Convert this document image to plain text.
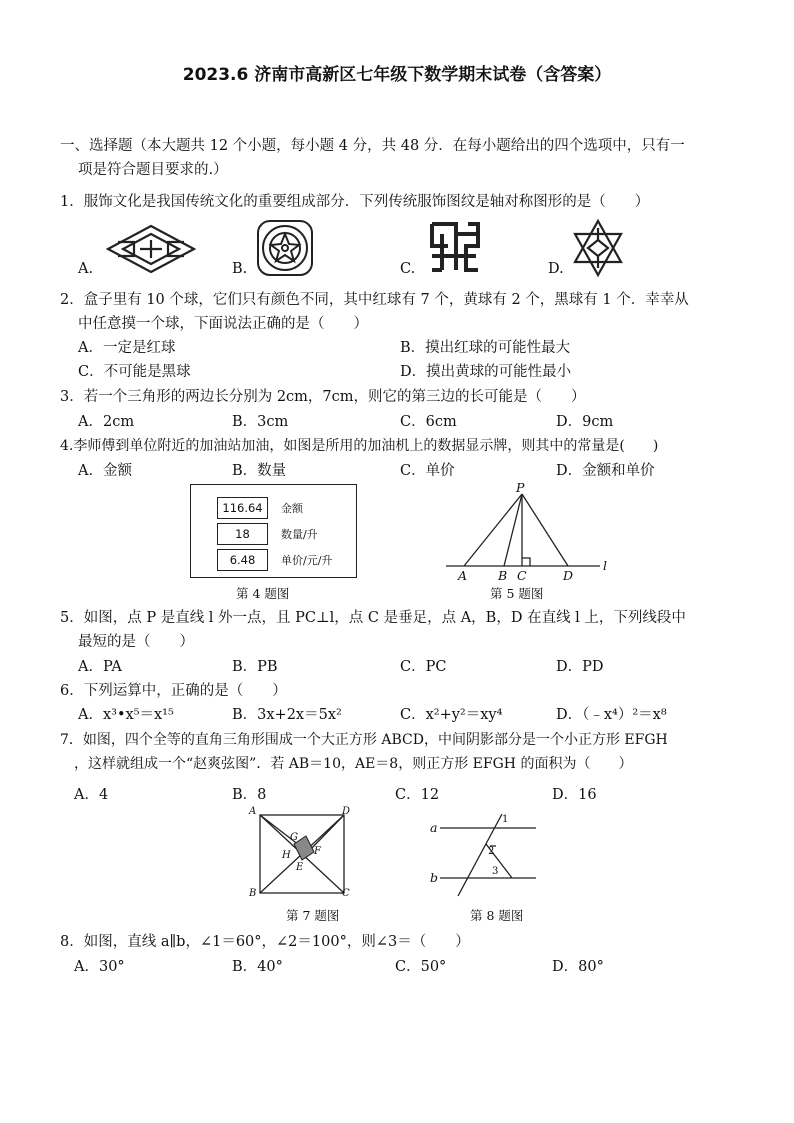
2023.6 济南市高新区七年级下数学期末试卷（含答案）
一、选择题（本大题共 12 个小题，每小题 4 分，共 48 分．在每小题给出的四个选项中，只有一
项是符合题目要求的.）
1．服饰文化是我国传统文化的重要组成部分．下列传统服饰图纹是轴对称图形的是（　　）
A.	B.	C.	D.
2．盒子里有 10 个球，它们只有颜色不同，其中红球有 7 个，黄球有 2 个，黑球有 1 个．幸幸从
中任意摸一个球，下面说法正确的是（　　）
A．一定是红球	B．摸出红球的可能性最大
C．不可能是黑球	D．摸出黄球的可能性最小
3．若一个三角形的两边长分别为 2cm，7cm，则它的第三边的长可能是（　　）
A．2cm	B．3cm	C．6cm	D．9cm
4.李师傅到单位附近的加油站加油，如图是所用的加油机上的数据显示牌，则其中的常量是(　　)
A．金额	B．数量	C．单价	D．金额和单价
116.64	金额
18	数量/升
6.48	单价/元/升
第 4 题图
P
A B C	D
l
第 5 题图
5．如图，点 P 是直线 l 外一点，且 PC⊥l，点 C 是垂足，点 A，B，D 在直线 l 上，下列线段中
最短的是（　　）
A．PA	B．PB	C．PC	D．PD
6．下列运算中，正确的是（　　）
A．x³•x⁵＝x¹⁵	B．3x+2x＝5x²	C．x²+y²＝xy⁴	D．（﹣x⁴）²＝x⁸
7．如图，四个全等的直角三角形围成一个大正方形 ABCD，中间阴影部分是一个小正方形 EFGH
，这样就组成一个“赵爽弦图”．若 AB＝10，AE＝8，则正方形 EFGH 的面积为（　　）
A．4	B．8	C．12	D．16
A
B	C
D
E
F
G
H
第 7 题图
a
b
1
2
3
第 8 题图
8．如图，直线 a∥b，∠1＝60°，∠2＝100°，则∠3＝（　　）
A．30°	B．40°	C．50°	D．80°
